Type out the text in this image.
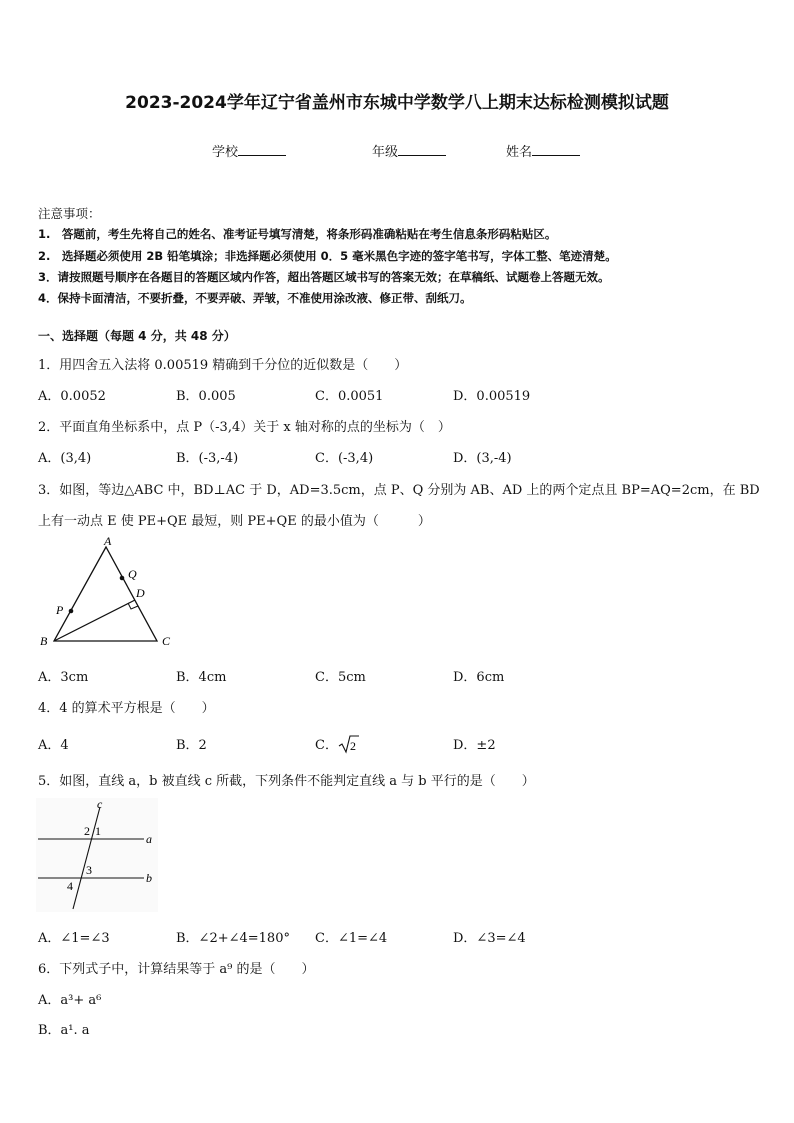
2023-2024学年辽宁省盖州市东城中学数学八上期末达标检测模拟试题
学校	年级	姓名
注意事项：
1.　答题前，考生先将自己的姓名、准考证号填写清楚，将条形码准确粘贴在考生信息条形码粘贴区。
2.　选择题必须使用 2B 铅笔填涂；非选择题必须使用 0．5 毫米黑色字迹的签字笔书写，字体工整、笔迹清楚。
3．请按照题号顺序在各题目的答题区域内作答，超出答题区域书写的答案无效；在草稿纸、试题卷上答题无效。
4．保持卡面清洁，不要折叠，不要弄破、弄皱，不准使用涂改液、修正带、刮纸刀。
一、选择题（每题 4 分，共 48 分）
1．用四舍五入法将 0.00519 精确到千分位的近似数是（　　）
A．0.0052	B．0.005	C．0.0051	D．0.00519
2．平面直角坐标系中，点 P（-3,4）关于 x 轴对称的点的坐标为（　）
A．(3,4)	B．(-3,-4)	C．(-3,4)	D．(3,-4)
3．如图，等边△ABC 中，BD⊥AC 于 D，AD=3.5cm，点 P、Q 分别为 AB、AD 上的两个定点且 BP=AQ=2cm，在 BD
上有一动点 E 使 PE+QE 最短，则 PE+QE 的最小值为（　　　）
A
Q
D
P
B	C
A．3cm	B．4cm	C．5cm	D．6cm
4．4 的算术平方根是（　　）
A．4	B．2	C． 2	D．±2
5．如图，直线 a，b 被直线 c 所截，下列条件不能判定直线 a 与 b 平行的是（　　）
c
2 1
a
3
4
b
A．∠1=∠3	B．∠2+∠4=180° C．∠1=∠4	D．∠3=∠4
6．下列式子中，计算结果等于 a⁹ 的是（　　）
A．a³+ a⁶
B．a¹. a
